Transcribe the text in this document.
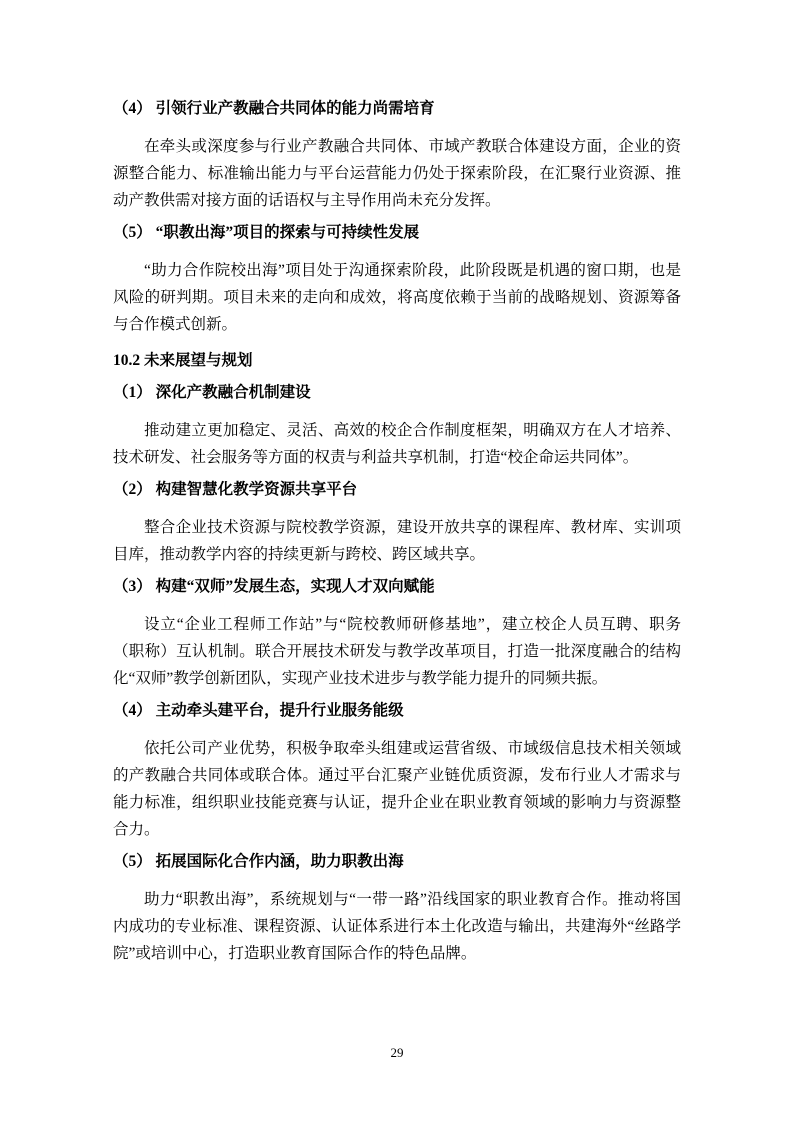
（4） 引领行业产教融合共同体的能力尚需培育
在牵头或深度参与行业产教融合共同体、市域产教联合体建设方面，企业的资源整合能力、标准输出能力与平台运营能力仍处于探索阶段，在汇聚行业资源、推动产教供需对接方面的话语权与主导作用尚未充分发挥。
（5） “职教出海”项目的探索与可持续性发展
“助力合作院校出海”项目处于沟通探索阶段，此阶段既是机遇的窗口期，也是风险的研判期。项目未来的走向和成效，将高度依赖于当前的战略规划、资源筹备与合作模式创新。
10.2 未来展望与规划
（1） 深化产教融合机制建设
推动建立更加稳定、灵活、高效的校企合作制度框架，明确双方在人才培养、技术研发、社会服务等方面的权责与利益共享机制，打造“校企命运共同体”。
（2） 构建智慧化教学资源共享平台
整合企业技术资源与院校教学资源，建设开放共享的课程库、教材库、实训项目库，推动教学内容的持续更新与跨校、跨区域共享。
（3） 构建“双师”发展生态，实现人才双向赋能
设立“企业工程师工作站”与“院校教师研修基地”，建立校企人员互聘、职务（职称）互认机制。联合开展技术研发与教学改革项目，打造一批深度融合的结构化“双师”教学创新团队，实现产业技术进步与教学能力提升的同频共振。
（4） 主动牵头建平台，提升行业服务能级
依托公司产业优势，积极争取牵头组建或运营省级、市域级信息技术相关领域的产教融合共同体或联合体。通过平台汇聚产业链优质资源，发布行业人才需求与能力标准，组织职业技能竞赛与认证，提升企业在职业教育领域的影响力与资源整合力。
（5） 拓展国际化合作内涵，助力职教出海
助力“职教出海”，系统规划与“一带一路”沿线国家的职业教育合作。推动将国内成功的专业标准、课程资源、认证体系进行本土化改造与输出，共建海外“丝路学院”或培训中心，打造职业教育国际合作的特色品牌。
29
